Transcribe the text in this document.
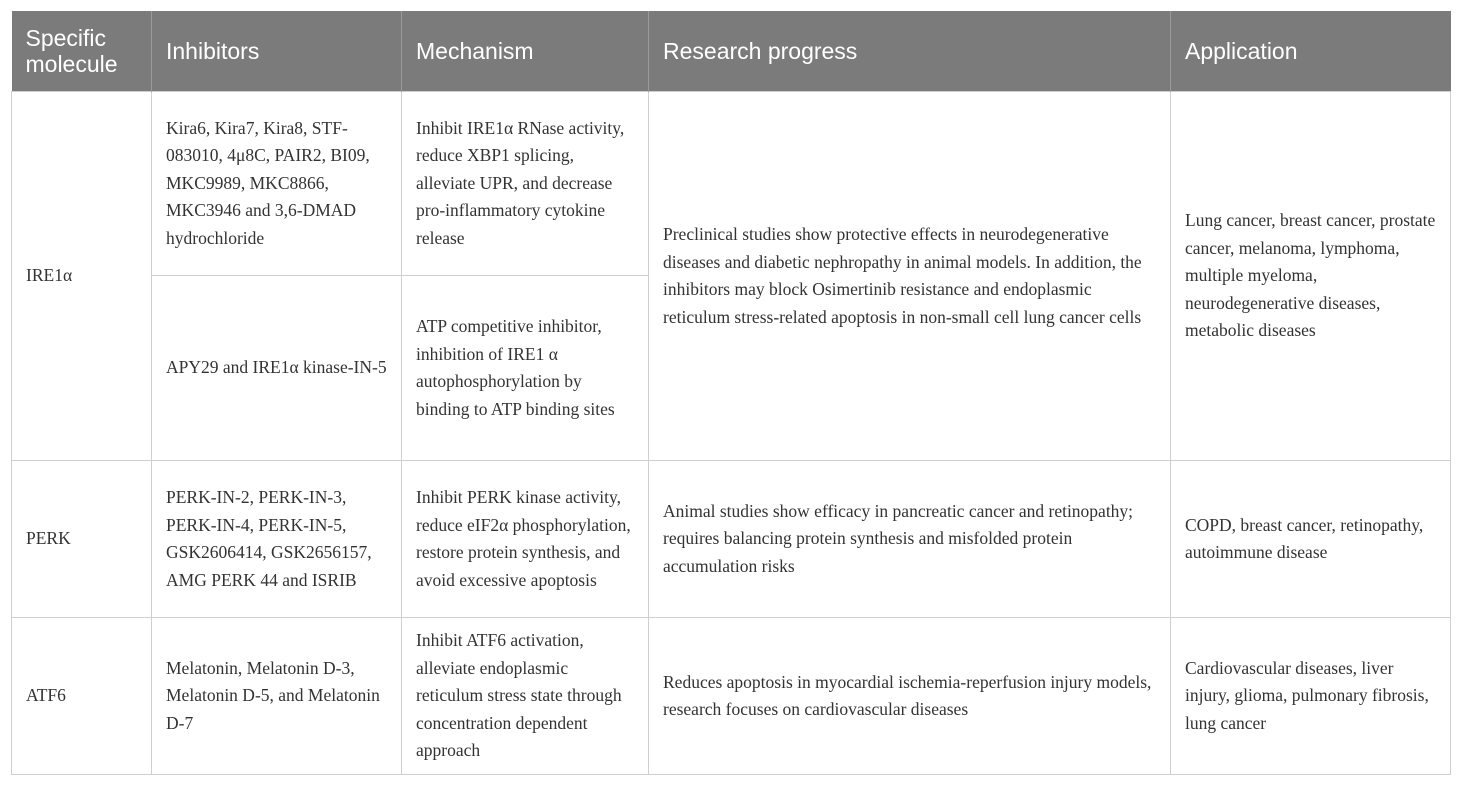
Specific molecule	Inhibitors	Mechanism	Research progress	Application
IRE1α	Kira6, Kira7, Kira8, STF-083010, 4μ8C, PAIR2, BI09, MKC9989, MKC8866, MKC3946 and 3,6-DMAD hydrochloride	Inhibit IRE1α RNase activity, reduce XBP1 splicing, alleviate UPR, and decrease pro-inflammatory cytokine release	Preclinical studies show protective effects in neurodegenerative diseases and diabetic nephropathy in animal models. In addition, the inhibitors may block Osimertinib resistance and endoplasmic reticulum stress-related apoptosis in non-small cell lung cancer cells	Lung cancer, breast cancer, prostate cancer, melanoma, lymphoma, multiple myeloma, neurodegenerative diseases, metabolic diseases
	APY29 and IRE1α kinase-IN-5	ATP competitive inhibitor, inhibition of IRE1 α autophosphorylation by binding to ATP binding sites		
PERK	PERK-IN-2, PERK-IN-3, PERK-IN-4, PERK-IN-5, GSK2606414, GSK2656157, AMG PERK 44 and ISRIB	Inhibit PERK kinase activity, reduce eIF2α phosphorylation, restore protein synthesis, and avoid excessive apoptosis	Animal studies show efficacy in pancreatic cancer and retinopathy; requires balancing protein synthesis and misfolded protein accumulation risks	COPD, breast cancer, retinopathy, autoimmune disease
ATF6	Melatonin, Melatonin D-3, Melatonin D-5, and Melatonin D-7	Inhibit ATF6 activation, alleviate endoplasmic reticulum stress state through concentration dependent approach	Reduces apoptosis in myocardial ischemia-reperfusion injury models, research focuses on cardiovascular diseases	Cardiovascular diseases, liver injury, glioma, pulmonary fibrosis, lung cancer
